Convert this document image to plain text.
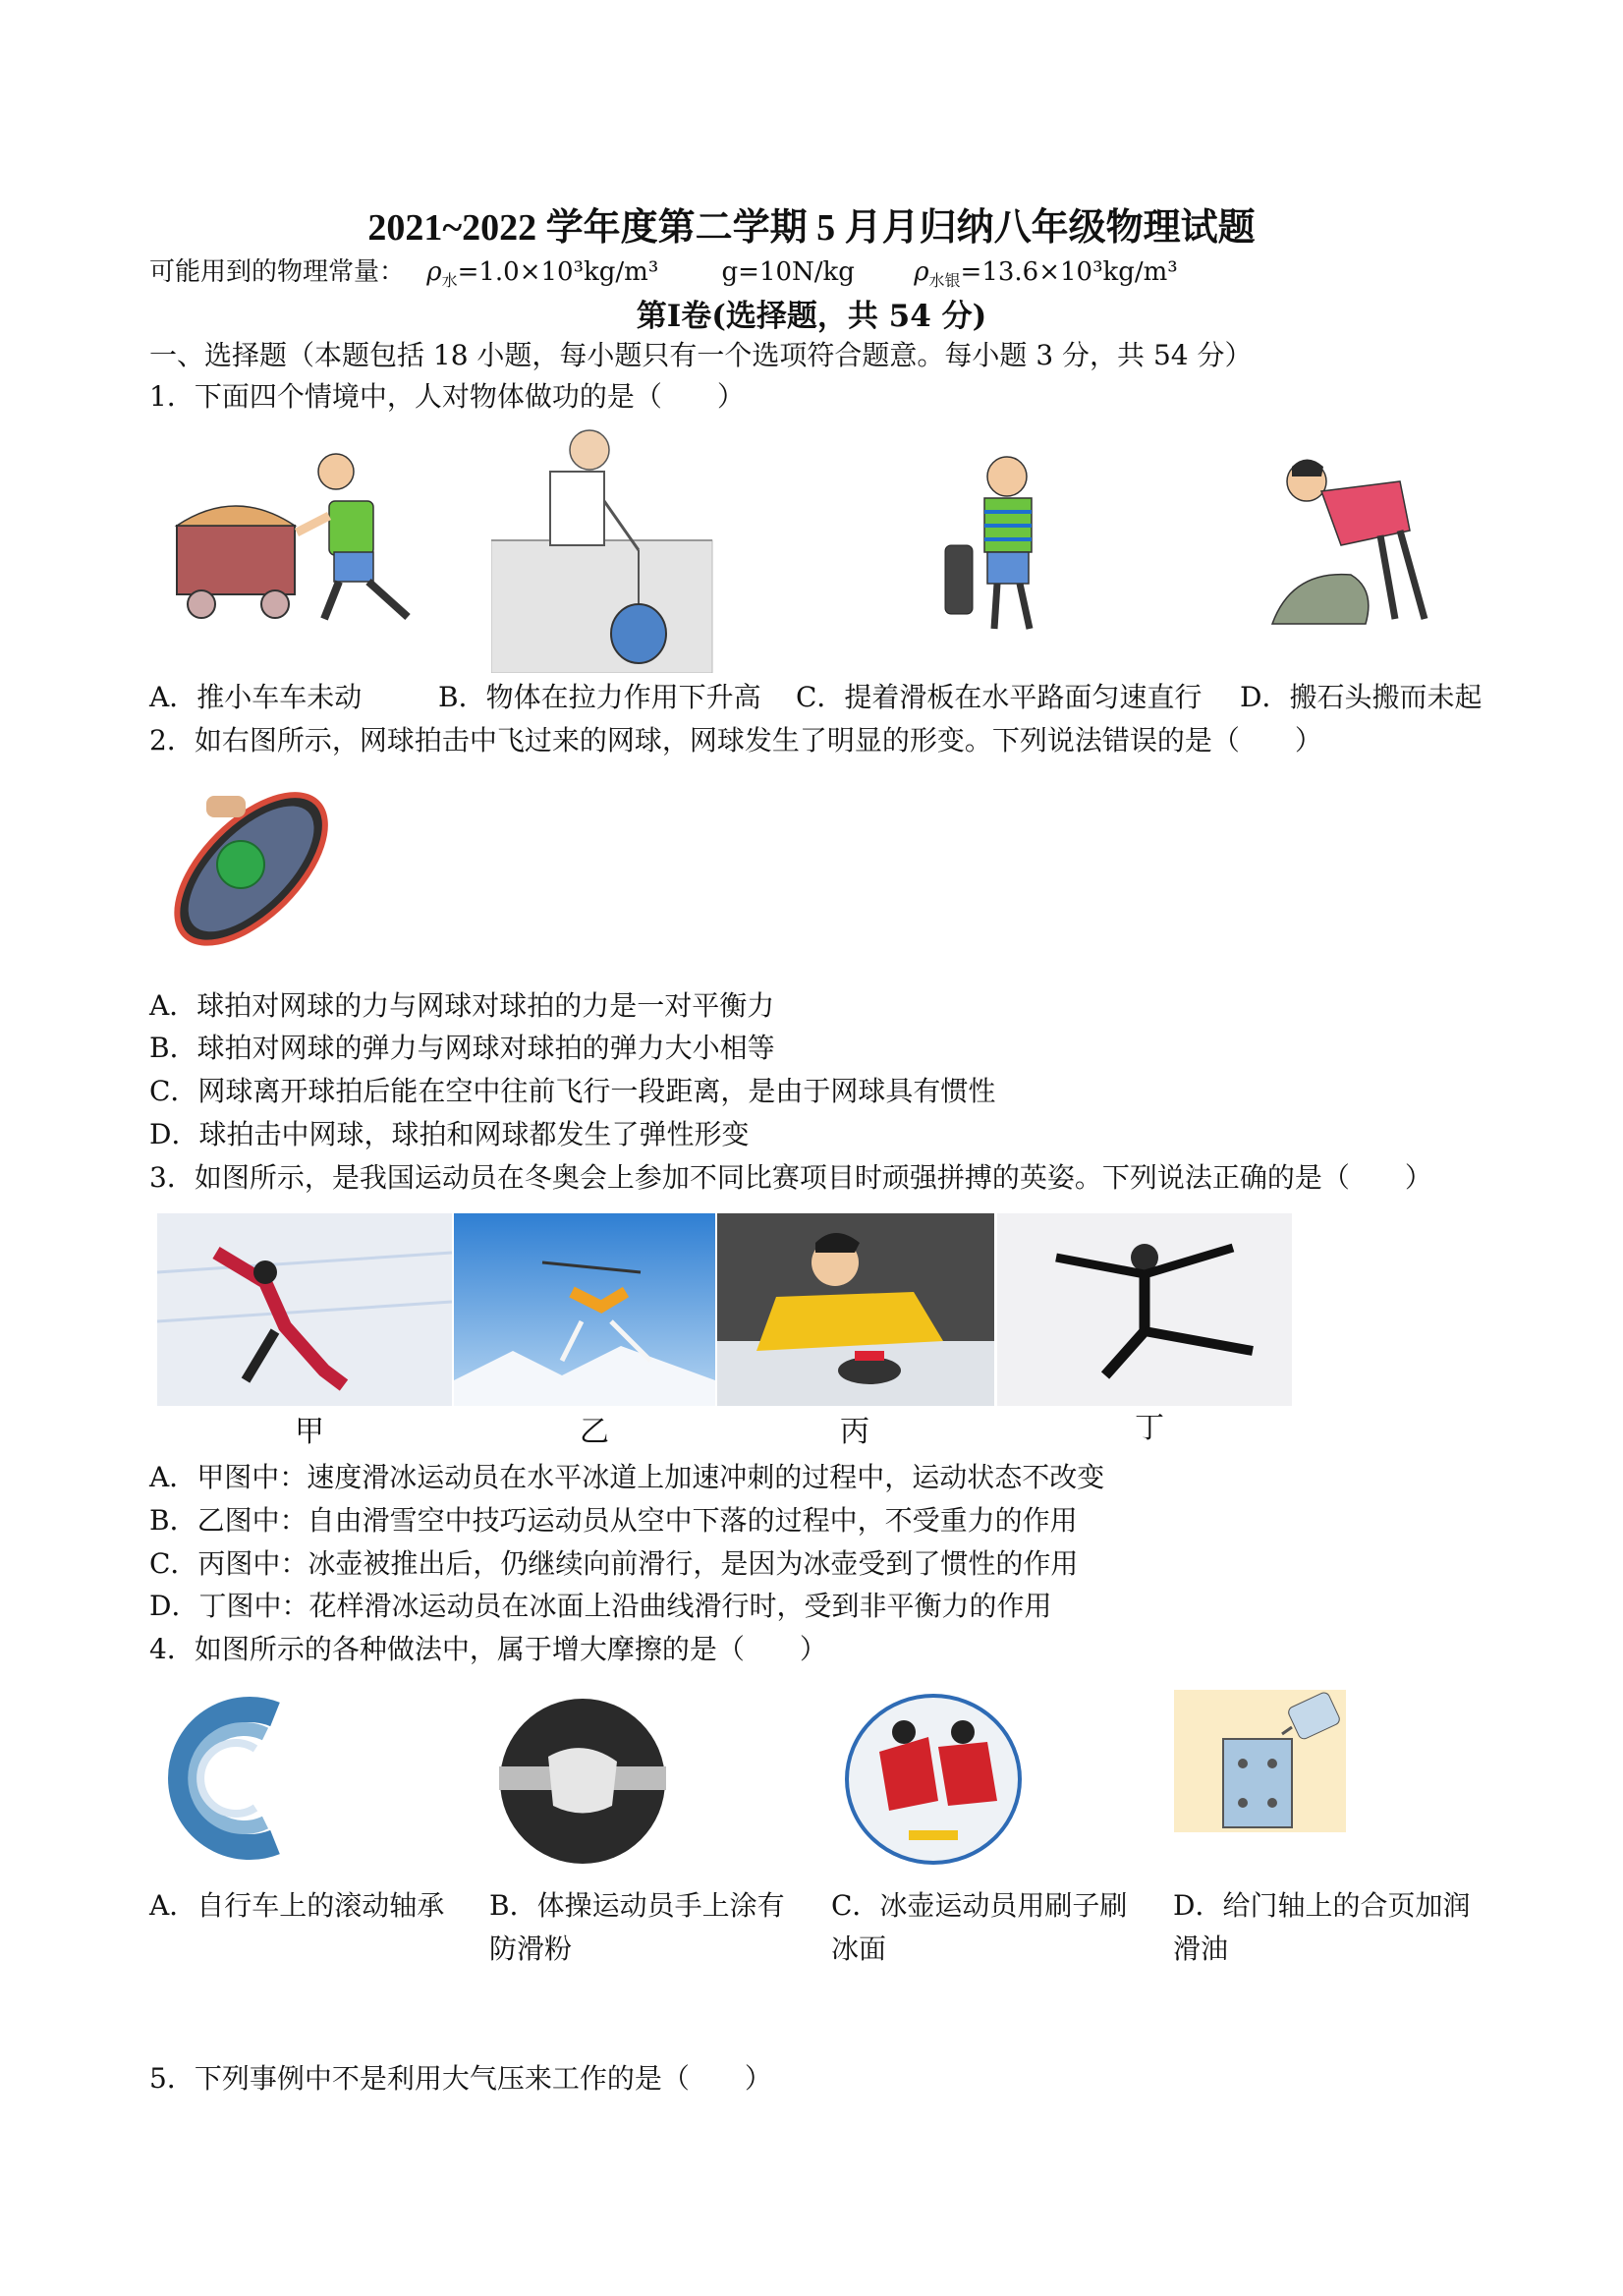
2021~2022 学年度第二学期 5 月月归纳八年级物理试题
可能用到的物理常量： ρ水=1.0×10³kg/m³ g=10N/kg ρ水银=13.6×10³kg/m³
第Ⅰ卷(选择题，共 54 分)
一、选择题（本题包括 18 小题，每小题只有一个选项符合题意。每小题 3 分，共 54 分）
1．下面四个情境中，人对物体做功的是（　　）
A．推小车车未动	B．物体在拉力作用下升高 C．提着滑板在水平路面匀速直行 D．搬石头搬而未起
2．如右图所示，网球拍击中飞过来的网球，网球发生了明显的形变。下列说法错误的是（　　）
A．球拍对网球的力与网球对球拍的力是一对平衡力
B．球拍对网球的弹力与网球对球拍的弹力大小相等
C．网球离开球拍后能在空中往前飞行一段距离，是由于网球具有惯性
D．球拍击中网球，球拍和网球都发生了弹性形变
3．如图所示，是我国运动员在冬奥会上参加不同比赛项目时顽强拼搏的英姿。下列说法正确的是（　　）
甲	乙	丙	丁
A．甲图中：速度滑冰运动员在水平冰道上加速冲刺的过程中，运动状态不改变
B．乙图中：自由滑雪空中技巧运动员从空中下落的过程中，不受重力的作用
C．丙图中：冰壶被推出后，仍继续向前滑行，是因为冰壶受到了惯性的作用
D．丁图中：花样滑冰运动员在冰面上沿曲线滑行时，受到非平衡力的作用
4．如图所示的各种做法中，属于增大摩擦的是（　　）
A．自行车上的滚动轴承	B．体操运动员手上涂有
防滑粉
C．冰壶运动员用刷子刷
冰面
D．给门轴上的合页加润
滑油
5．下列事例中不是利用大气压来工作的是（　　）
